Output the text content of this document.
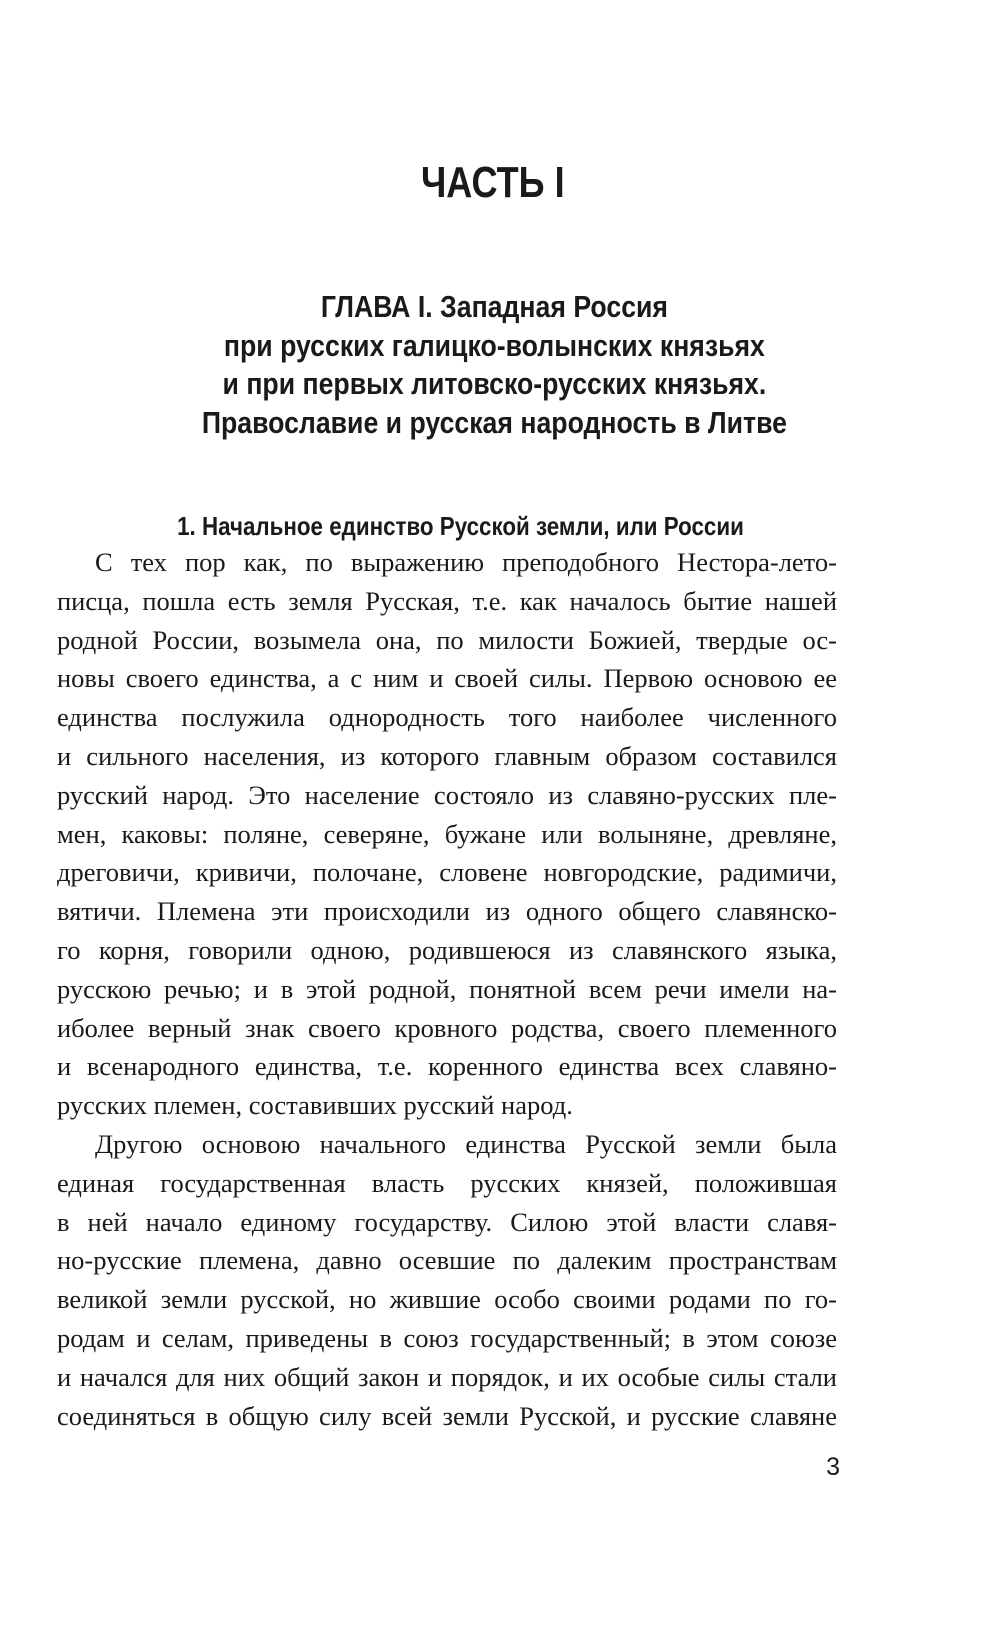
ЧАСТЬ I
ГЛАВА I. Западная Россия
при русских галицко-волынских князьях
и при первых литовско-русских князьях.
Православие и русская народность в Литве
1. Начальное единство Русской земли, или России
С тех пор как, по выражению преподобного Нестора-лето-
писца, пошла есть земля Русская, т.е. как началось бытие нашей
родной России, возымела она, по милости Божией, твердые ос-
новы своего единства, а с ним и своей силы. Первою основою ее
единства послужила однородность того наиболее численного
и сильного населения, из которого главным образом составился
русский народ. Это население состояло из славяно-русских пле-
мен, каковы: поляне, северяне, бужане или волыняне, древляне,
дреговичи, кривичи, полочане, словене новгородские, радимичи,
вятичи. Племена эти происходили из одного общего славянско-
го корня, говорили одною, родившеюся из славянского языка,
русскою речью; и в этой родной, понятной всем речи имели на-
иболее верный знак своего кровного родства, своего племенного
и всенародного единства, т.е. коренного единства всех славяно-
русских племен, составивших русский народ.
Другою основою начального единства Русской земли была
единая государственная власть русских князей, положившая
в ней начало единому государству. Силою этой власти славя-
но-русские племена, давно осевшие по далеким пространствам
великой земли русской, но жившие особо своими родами по го-
родам и селам, приведены в союз государственный; в этом союзе
и начался для них общий закон и порядок, и их особые силы стали
соединяться в общую силу всей земли Русской, и русские славяне
3
